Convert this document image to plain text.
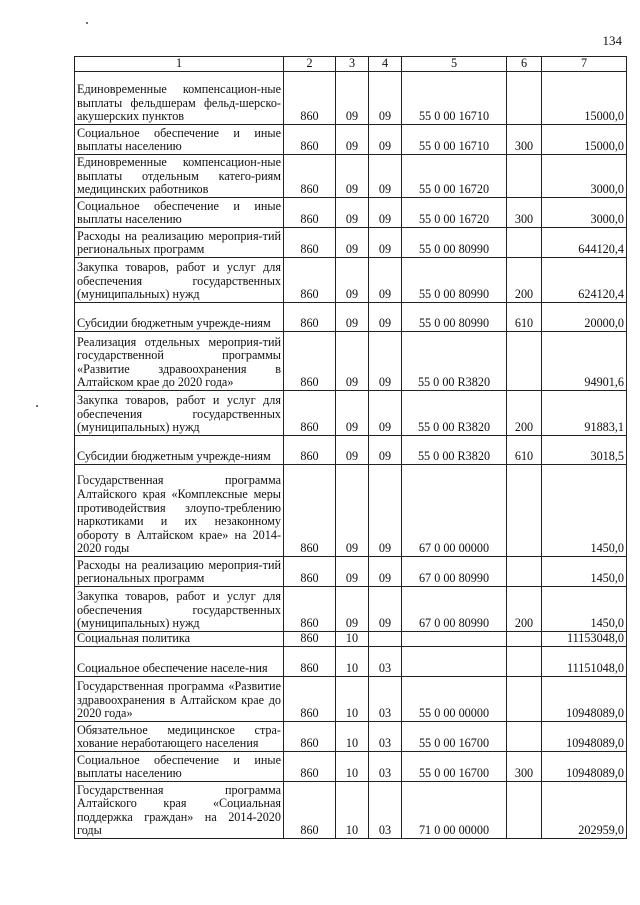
134
1	2	3	4	5	6	7
Единовременные компенсацион-ные выплаты фельдшерам фельд-шерско-акушерских пунктов	860	09	09	55 0 00 16710		15000,0
Социальное обеспечение и иные выплаты населению	860	09	09	55 0 00 16710	300	15000,0
Единовременные компенсацион-ные выплаты отдельным катего-риям медицинских работников	860	09	09	55 0 00 16720		3000,0
Социальное обеспечение и иные выплаты населению	860	09	09	55 0 00 16720	300	3000,0
Расходы на реализацию мероприя-тий региональных программ	860	09	09	55 0 00 80990		644120,4
Закупка товаров, работ и услуг для обеспечения государственных (муниципальных) нужд	860	09	09	55 0 00 80990	200	624120,4
Субсидии бюджетным учрежде-ниям	860	09	09	55 0 00 80990	610	20000,0
Реализация отдельных мероприя-тий государственной программы «Развитие здравоохранения в Алтайском крае до 2020 года»	860	09	09	55 0 00 R3820		94901,6
Закупка товаров, работ и услуг для обеспечения государственных (муниципальных) нужд	860	09	09	55 0 00 R3820	200	91883,1
Субсидии бюджетным учрежде-ниям	860	09	09	55 0 00 R3820	610	3018,5
Государственная программа Алтайского края «Комплексные меры противодействия злоупо-треблению наркотиками и их незаконному обороту в Алтайском крае» на 2014-2020 годы	860	09	09	67 0 00 00000		1450,0
Расходы на реализацию мероприя-тий региональных программ	860	09	09	67 0 00 80990		1450,0
Закупка товаров, работ и услуг для обеспечения государственных (муниципальных) нужд	860	09	09	67 0 00 80990	200	1450,0
Социальная политика	860	10				11153048,0
Социальное обеспечение населе-ния	860	10	03			11151048,0
Государственная программа «Развитие здравоохранения в Алтайском крае до 2020 года»	860	10	03	55 0 00 00000		10948089,0
Обязательное медицинское стра-хование неработающего населения	860	10	03	55 0 00 16700		10948089,0
Социальное обеспечение и иные выплаты населению	860	10	03	55 0 00 16700	300	10948089,0
Государственная программа Алтайского края «Социальная поддержка граждан» на 2014-2020 годы	860	10	03	71 0 00 00000		202959,0
